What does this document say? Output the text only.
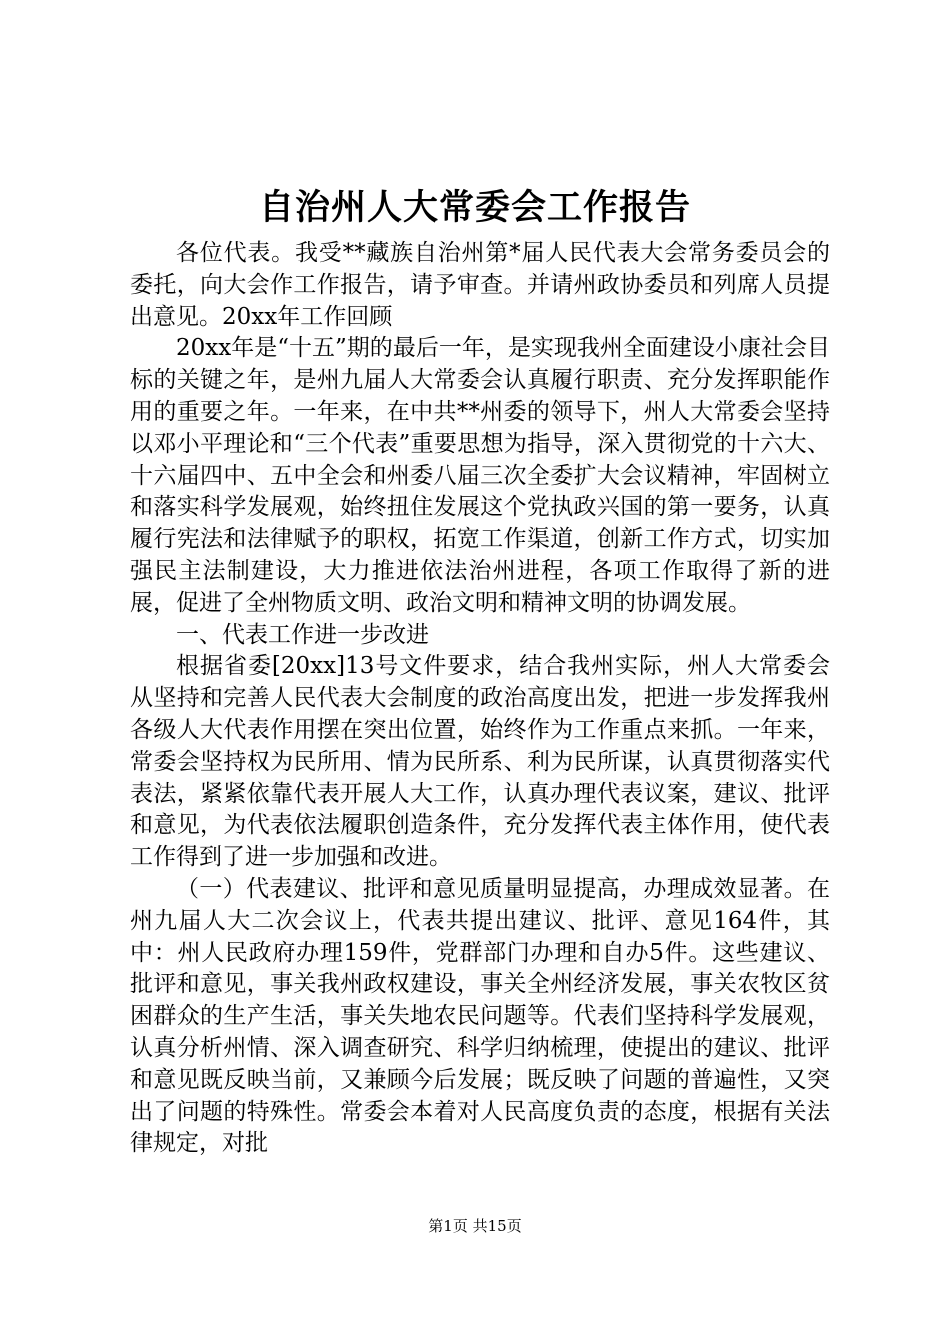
自治州人大常委会工作报告

各位代表。我受**藏族自治州第*届人民代表大会常务委员会的委托，向大会作工作报告，请予审查。并请州政协委员和列席人员提出意见。20xx年工作回顾

20xx年是“十五”期的最后一年，是实现我州全面建设小康社会目标的关键之年，是州九届人大常委会认真履行职责、充分发挥职能作用的重要之年。一年来，在中共**州委的领导下，州人大常委会坚持以邓小平理论和“三个代表”重要思想为指导，深入贯彻党的十六大、十六届四中、五中全会和州委八届三次全委扩大会议精神，牢固树立和落实科学发展观，始终扭住发展这个党执政兴国的第一要务，认真履行宪法和法律赋予的职权，拓宽工作渠道，创新工作方式，切实加强民主法制建设，大力推进依法治州进程，各项工作取得了新的进展，促进了全州物质文明、政治文明和精神文明的协调发展。

一、代表工作进一步改进

根据省委[20xx]13号文件要求，结合我州实际，州人大常委会从坚持和完善人民代表大会制度的政治高度出发，把进一步发挥我州各级人大代表作用摆在突出位置，始终作为工作重点来抓。一年来，常委会坚持权为民所用、情为民所系、利为民所谋，认真贯彻落实代表法，紧紧依靠代表开展人大工作，认真办理代表议案，建议、批评和意见，为代表依法履职创造条件，充分发挥代表主体作用，使代表工作得到了进一步加强和改进。

（一）代表建议、批评和意见质量明显提高，办理成效显著。在州九届人大二次会议上，代表共提出建议、批评、意见164件，其中：州人民政府办理159件，党群部门办理和自办5件。这些建议、批评和意见，事关我州政权建设，事关全州经济发展，事关农牧区贫困群众的生产生活，事关失地农民问题等。代表们坚持科学发展观，认真分析州情、深入调查研究、科学归纳梳理，使提出的建议、批评和意见既反映当前，又兼顾今后发展；既反映了问题的普遍性，又突出了问题的特殊性。常委会本着对人民高度负责的态度，根据有关法律规定，对批

第1页 共15页
